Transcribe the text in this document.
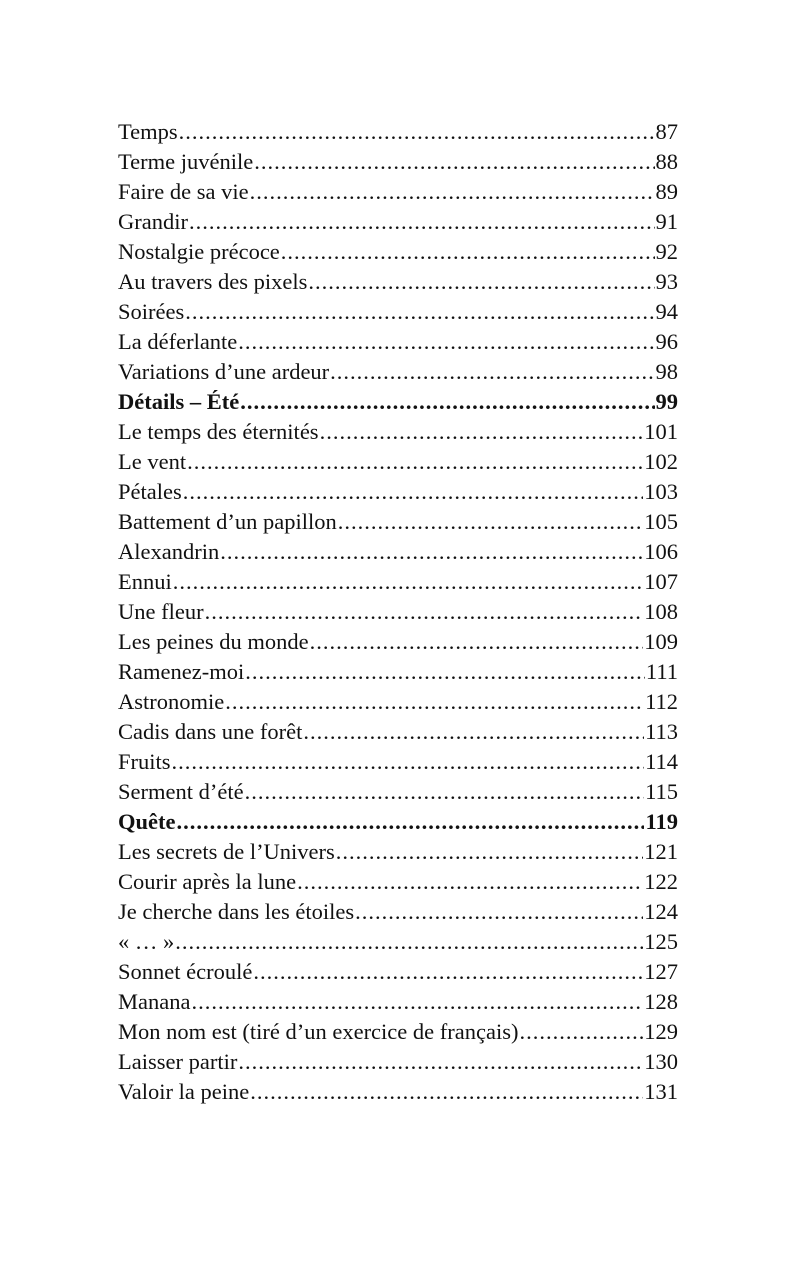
Temps .....	87
Terme juvénile .....	88
Faire de sa vie .....	89
Grandir .....	91
Nostalgie précoce .....	92
Au travers des pixels .....	93
Soirées .....	94
La déferlante .....	96
Variations d’une ardeur .....	98
Détails – Été .....	99
Le temps des éternités .....	101
Le vent .....	102
Pétales .....	103
Battement d’un papillon .....	105
Alexandrin .....	106
Ennui .....	107
Une fleur .....	108
Les peines du monde .....	109
Ramenez-moi .....	111
Astronomie .....	112
Cadis dans une forêt .....	113
Fruits .....	114
Serment d’été .....	115
Quête .....	119
Les secrets de l’Univers .....	121
Courir après la lune .....	122
Je cherche dans les étoiles .....	124
« … » .....	125
Sonnet écroulé .....	127
Manana .....	128
Mon nom est (tiré d’un exercice de français) .....	129
Laisser partir .....	130
Valoir la peine .....	131
